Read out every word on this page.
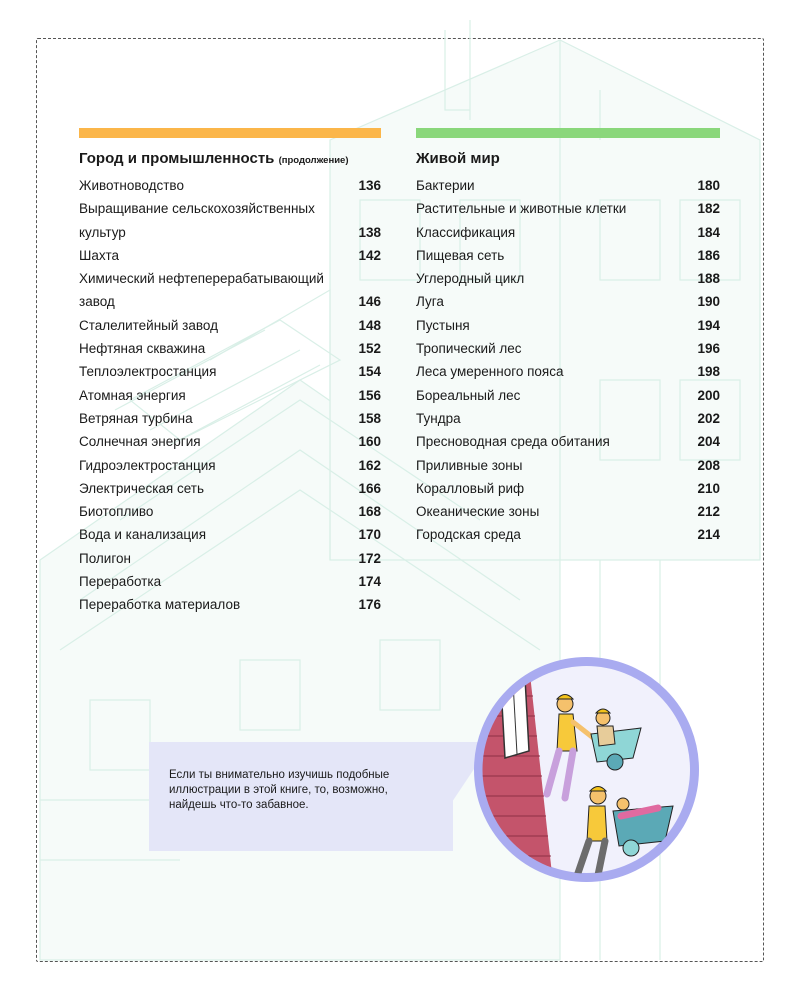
Город и промышленность (продолжение)
Животноводство	136
Выращивание сельскохозяйственных
культур	138
Шахта	142
Химический нефтеперерабатывающий
завод	146
Сталелитейный завод	148
Нефтяная скважина	152
Теплоэлектростанция	154
Атомная энергия	156
Ветряная турбина	158
Солнечная энергия	160
Гидроэлектростанция	162
Электрическая сеть	166
Биотопливо	168
Вода и канализация	170
Полигон	172
Переработка	174
Переработка материалов	176
Живой мир
Бактерии	180
Растительные и животные клетки	182
Классификация	184
Пищевая сеть	186
Углеродный цикл	188
Луга	190
Пустыня	194
Тропический лес	196
Леса умеренного пояса	198
Бореальный лес	200
Тундра	202
Пресноводная среда обитания	204
Приливные зоны	208
Коралловый риф	210
Океанические зоны	212
Городская среда	214
Если ты внимательно изучишь подобные иллюстрации в этой книге, то, возможно, найдешь что-то забавное.
